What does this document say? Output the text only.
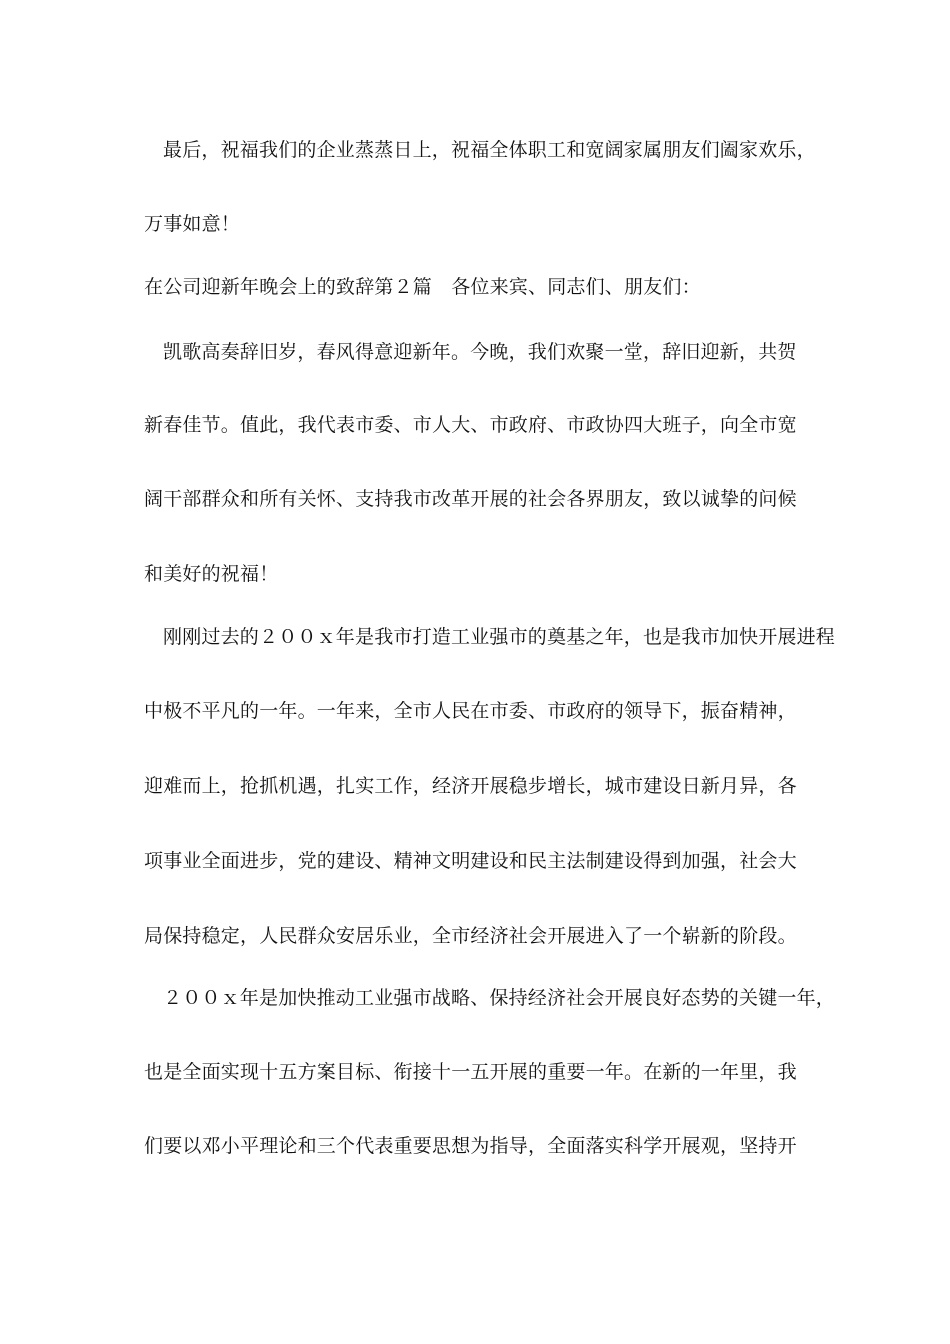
最后，祝福我们的企业蒸蒸日上，祝福全体职工和宽阔家属朋友们阖家欢乐，
万事如意！
在公司迎新年晚会上的致辞第２篇　各位来宾、同志们、朋友们：
凯歌高奏辞旧岁，春风得意迎新年。今晚，我们欢聚一堂，辞旧迎新，共贺
新春佳节。值此，我代表市委、市人大、市政府、市政协四大班子，向全市宽
阔干部群众和所有关怀、支持我市改革开展的社会各界朋友，致以诚挚的问候
和美好的祝福！
刚刚过去的２００ｘ年是我市打造工业强市的奠基之年，也是我市加快开展进程
中极不平凡的一年。一年来，全市人民在市委、市政府的领导下，振奋精神，
迎难而上，抢抓机遇，扎实工作，经济开展稳步增长，城市建设日新月异，各
项事业全面进步，党的建设、精神文明建设和民主法制建设得到加强，社会大
局保持稳定，人民群众安居乐业，全市经济社会开展进入了一个崭新的阶段。
２００ｘ年是加快推动工业强市战略、保持经济社会开展良好态势的关键一年，
也是全面实现十五方案目标、衔接十一五开展的重要一年。在新的一年里，我
们要以邓小平理论和三个代表重要思想为指导，全面落实科学开展观，坚持开
